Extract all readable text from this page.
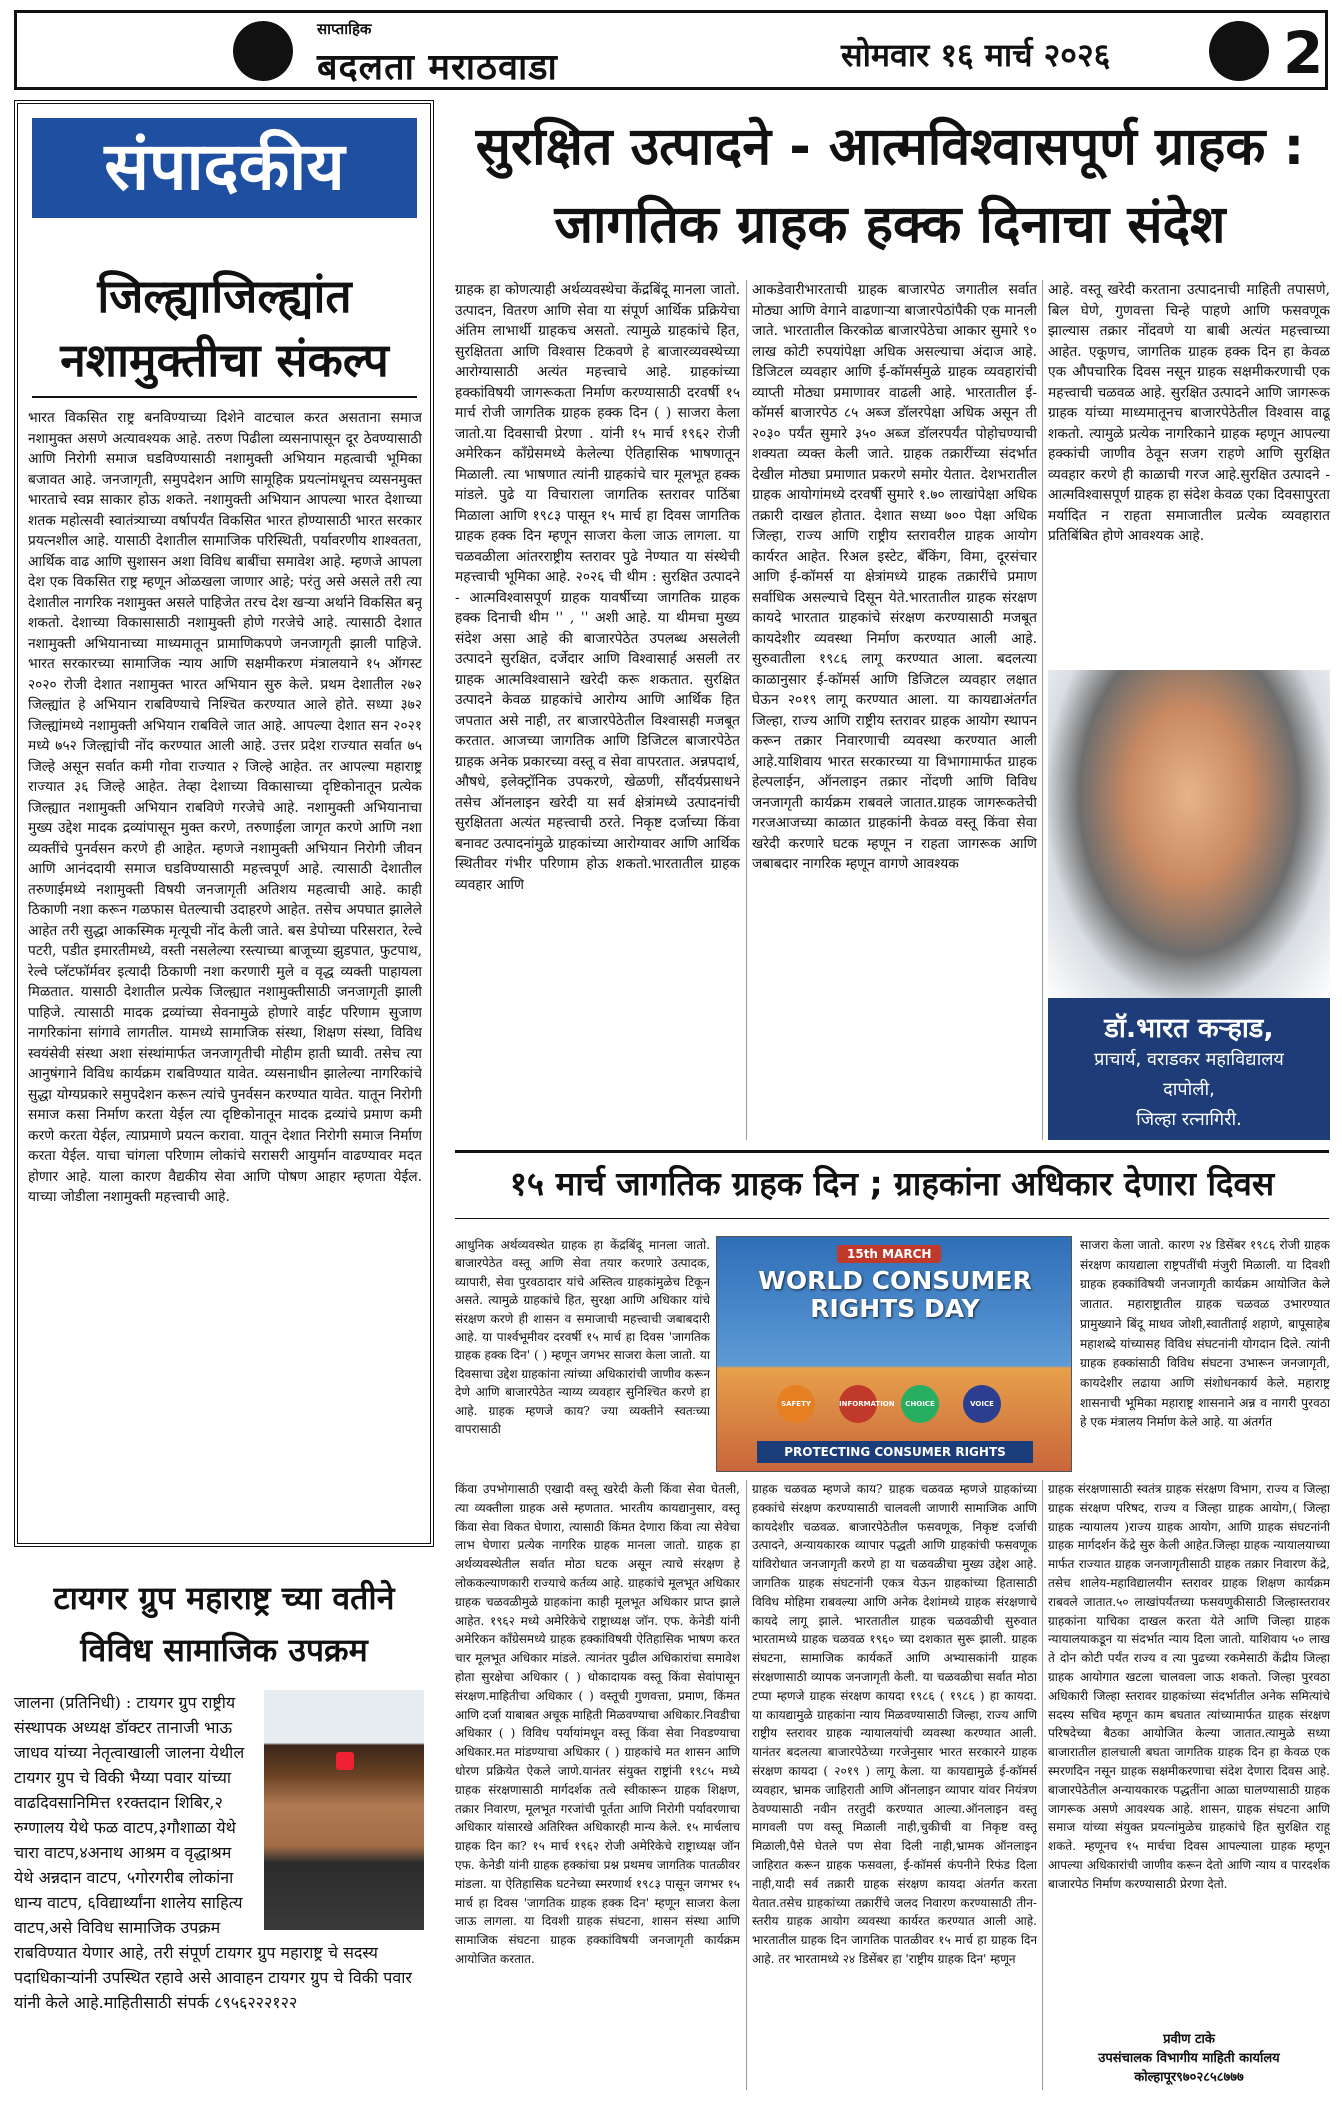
साप्ताहिक
बदलता मराठवाडा	सोमवार १६ मार्च २०२६	2
संपादकीय
जिल्ह्याजिल्ह्यांत नशामुक्तीचा संकल्प
भारत विकसित राष्ट्र बनविण्याच्या दिशेने वाटचाल करत असताना समाज नशामुक्त असणे अत्यावश्यक आहे. तरुण पिढीला व्यसनापासून दूर ठेवण्यासाठी आणि निरोगी समाज घडविण्यासाठी नशामुक्ती अभियान महत्वाची भूमिका बजावत आहे. जनजागृती, समुपदेशन आणि सामूहिक प्रयत्नांमधूनच व्यसनमुक्त भारताचे स्वप्न साकार होऊ शकते. नशामुक्ती अभियान आपल्या भारत देशाच्या शतक महोत्सवी स्वातंत्र्याच्या वर्षापर्यंत विकसित भारत होण्यासाठी भारत सरकार प्रयत्नशील आहे. यासाठी देशातील सामाजिक परिस्थिती, पर्यावरणीय शाश्वतता, आर्थिक वाढ आणि सुशासन अशा विविध बाबींचा समावेश आहे. म्हणजे आपला देश एक विकसित राष्ट्र म्हणून ओळखला जाणार आहे; परंतु असे असले तरी त्या देशातील नागरिक नशामुक्त असले पाहिजेत तरच देश खऱ्या अर्थाने विकसित बनू शकतो. देशाच्या विकासासाठी नशामुक्ती होणे गरजेचे आहे. त्यासाठी देशात नशामुक्ती अभियानाच्या माध्यमातून प्रामाणिकपणे जनजागृती झाली पाहिजे. भारत सरकारच्या सामाजिक न्याय आणि सक्षमीकरण मंत्रालयाने १५ ऑगस्ट २०२० रोजी देशात नशामुक्त भारत अभियान सुरु केले. प्रथम देशातील २७२ जिल्ह्यांत हे अभियान राबविण्याचे निश्चित करण्यात आले होते. सध्या ३७२ जिल्ह्यांमध्ये नशामुक्ती अभियान राबविले जात आहे. आपल्या देशात सन २०२१ मध्ये ७५२ जिल्ह्यांची नोंद करण्यात आली आहे. उत्तर प्रदेश राज्यात सर्वात ७५ जिल्हे असून सर्वात कमी गोवा राज्यात २ जिल्हे आहेत. तर आपल्या महाराष्ट्र राज्यात ३६ जिल्हे आहेत. तेव्हा देशाच्या विकासाच्या दृष्टिकोनातून प्रत्येक जिल्ह्यात नशामुक्ती अभियान राबविणे गरजेचे आहे. नशामुक्ती अभियानाचा मुख्य उद्देश मादक द्रव्यांपासून मुक्त करणे, तरुणाईला जागृत करणे आणि नशा व्यक्तींचे पुनर्वसन करणे ही आहेत. म्हणजे नशामुक्ती अभियान निरोगी जीवन आणि आनंददायी समाज घडविण्यासाठी महत्त्वपूर्ण आहे. त्यासाठी देशातील तरुणाईमध्ये नशामुक्ती विषयी जनजागृती अतिशय महत्वाची आहे. काही ठिकाणी नशा करून गळफास घेतल्याची उदाहरणे आहेत. तसेच अपघात झालेले आहेत तरी सुद्धा आकस्मिक मृत्यूची नोंद केली जाते. बस डेपोच्या परिसरात, रेल्वे पटरी, पडीत इमारतीमध्ये, वस्ती नसलेल्या रस्त्याच्या बाजूच्या झुडपात, फुटपाथ, रेल्वे प्लॅटफॉर्मवर इत्यादी ठिकाणी नशा करणारी मुले व वृद्ध व्यक्ती पाहायला मिळतात. यासाठी देशातील प्रत्येक जिल्ह्यात नशामुक्तीसाठी जनजागृती झाली पाहिजे. त्यासाठी मादक द्रव्यांच्या सेवनामुळे होणारे वाईट परिणाम सुजाण नागरिकांना सांगावे लागतील. यामध्ये सामाजिक संस्था, शिक्षण संस्था, विविध स्वयंसेवी संस्था अशा संस्थांमार्फत जनजागृतीची मोहीम हाती घ्यावी. तसेच त्या आनुषंगाने विविध कार्यक्रम राबविण्यात यावेत. व्यसनाधीन झालेल्या नागरिकांचे सुद्धा योग्यप्रकारे समुपदेशन करून त्यांचे पुनर्वसन करण्यात यावेत. यातून निरोगी समाज कसा निर्माण करता येईल त्या दृष्टिकोनातून मादक द्रव्यांचे प्रमाण कमी करणे करता येईल, त्याप्रमाणे प्रयत्न करावा. यातून देशात निरोगी समाज निर्माण करता येईल. याचा चांगला परिणाम लोकांचे सरासरी आयुर्मान वाढण्यावर मदत होणार आहे. याला कारण वैद्यकीय सेवा आणि पोषण आहार म्हणता येईल. याच्या जोडीला नशामुक्ती महत्त्वाची आहे.
टायगर ग्रुप महाराष्ट्र च्या वतीने विविध सामाजिक उपक्रम
जालना (प्रतिनिधी) : टायगर ग्रुप राष्ट्रीय संस्थापक अध्यक्ष डॉक्टर तानाजी भाऊ जाधव यांच्या नेतृत्वाखाली जालना येथील टायगर ग्रुप चे विकी भैय्या पवार यांच्या वाढदिवसानिमित्त १रक्तदान शिबिर,२ रुग्णालय येथे फळ वाटप,३गौशाळा येथे चारा वाटप,४अनाथ आश्रम व वृद्धाश्रम येथे अन्नदान वाटप, ५गोरगरीब लोकांना धान्य वाटप, ६विद्यार्थ्यांना शालेय साहित्य वाटप,असे विविध सामाजिक उपक्रम राबविण्यात येणार आहे, तरी संपूर्ण टायगर ग्रुप महाराष्ट्र चे सदस्य पदाधिकाऱ्यांनी उपस्थित रहावे असे आवाहन टायगर ग्रुप चे विकी पवार यांनी केले आहे.माहितीसाठी संपर्क ८९५६२२२१२२
सुरक्षित उत्पादने - आत्मविश्वासपूर्ण ग्राहक : जागतिक ग्राहक हक्क दिनाचा संदेश
ग्राहक हा कोणत्याही अर्थव्यवस्थेचा केंद्रबिंदू मानला जातो. उत्पादन, वितरण आणि सेवा या संपूर्ण आर्थिक प्रक्रियेचा अंतिम लाभार्थी ग्राहकच असतो. त्यामुळे ग्राहकांचे हित, सुरक्षितता आणि विश्वास टिकवणे हे बाजारव्यवस्थेच्या आरोग्यासाठी अत्यंत महत्त्वाचे आहे. ग्राहकांच्या हक्कांविषयी जागरूकता निर्माण करण्यासाठी दरवर्षी १५ मार्च रोजी जागतिक ग्राहक हक्क दिन ( ) साजरा केला जातो.या दिवसाची प्रेरणा . यांनी १५ मार्च १९६२ रोजी अमेरिकन काँग्रेसमध्ये केलेल्या ऐतिहासिक भाषणातून मिळाली. त्या भाषणात त्यांनी ग्राहकांचे चार मूलभूत हक्क मांडले. पुढे या विचाराला जागतिक स्तरावर पाठिंबा मिळाला आणि १९८३ पासून १५ मार्च हा दिवस जागतिक ग्राहक हक्क दिन म्हणून साजरा केला जाऊ लागला. या चळवळीला आंतरराष्ट्रीय स्तरावर पुढे नेण्यात या संस्थेची महत्त्वाची भूमिका आहे. २०२६ ची थीम : सुरक्षित उत्पादने - आत्मविश्वासपूर्ण ग्राहक यावर्षीच्या जागतिक ग्राहक हक्क दिनाची थीम '' , '' अशी आहे. या थीमचा मुख्य संदेश असा आहे की बाजारपेठेत उपलब्ध असलेली उत्पादने सुरक्षित, दर्जेदार आणि विश्वासार्ह असली तर ग्राहक आत्मविश्वासाने खरेदी करू शकतात. सुरक्षित उत्पादने केवळ ग्राहकांचे आरोग्य आणि आर्थिक हित जपतात असे नाही, तर बाजारपेठेतील विश्वासही मजबूत करतात. आजच्या जागतिक आणि डिजिटल बाजारपेठेत ग्राहक अनेक प्रकारच्या वस्तू व सेवा वापरतात. अन्नपदार्थ, औषधे, इलेक्ट्रॉनिक उपकरणे, खेळणी, सौंदर्यप्रसाधने तसेच ऑनलाइन खरेदी या सर्व क्षेत्रांमध्ये उत्पादनांची सुरक्षितता अत्यंत महत्त्वाची ठरते. निकृष्ट दर्जाच्या किंवा बनावट उत्पादनांमुळे ग्राहकांच्या आरोग्यावर आणि आर्थिक स्थितीवर गंभीर परिणाम होऊ शकतो.भारतातील ग्राहक व्यवहार आणि
आकडेवारीभारताची ग्राहक बाजारपेठ जगातील सर्वात मोठ्या आणि वेगाने वाढणाऱ्या बाजारपेठांपैकी एक मानली जाते. भारतातील किरकोळ बाजारपेठेचा आकार सुमारे ९० लाख कोटी रुपयांपेक्षा अधिक असल्याचा अंदाज आहे. डिजिटल व्यवहार आणि ई-कॉमर्समुळे ग्राहक व्यवहारांची व्याप्ती मोठ्या प्रमाणावर वाढली आहे. भारतातील ई-कॉमर्स बाजारपेठ ८५ अब्ज डॉलरपेक्षा अधिक असून ती २०३० पर्यंत सुमारे ३५० अब्ज डॉलरपर्यंत पोहोचण्याची शक्यता व्यक्त केली जाते. ग्राहक तक्रारींच्या संदर्भात देखील मोठ्या प्रमाणात प्रकरणे समोर येतात. देशभरातील ग्राहक आयोगांमध्ये दरवर्षी सुमारे १.७० लाखांपेक्षा अधिक तक्रारी दाखल होतात. देशात सध्या ७०० पेक्षा अधिक जिल्हा, राज्य आणि राष्ट्रीय स्तरावरील ग्राहक आयोग कार्यरत आहेत. रिअल इस्टेट, बँकिंग, विमा, दूरसंचार आणि ई-कॉमर्स या क्षेत्रांमध्ये ग्राहक तक्रारींचे प्रमाण सर्वाधिक असल्याचे दिसून येते.भारतातील ग्राहक संरक्षण कायदे भारतात ग्राहकांचे संरक्षण करण्यासाठी मजबूत कायदेशीर व्यवस्था निर्माण करण्यात आली आहे. सुरुवातीला १९८६ लागू करण्यात आला. बदलत्या काळानुसार ई-कॉमर्स आणि डिजिटल व्यवहार लक्षात घेऊन २०१९ लागू करण्यात आला. या कायद्याअंतर्गत जिल्हा, राज्य आणि राष्ट्रीय स्तरावर ग्राहक आयोग स्थापन करून तक्रार निवारणाची व्यवस्था करण्यात आली आहे.याशिवाय भारत सरकारच्या या विभागामार्फत ग्राहक हेल्पलाईन, ऑनलाइन तक्रार नोंदणी आणि विविध जनजागृती कार्यक्रम राबवले जातात.ग्राहक जागरूकतेची गरजआजच्या काळात ग्राहकांनी केवळ वस्तू किंवा सेवा खरेदी करणारे घटक म्हणून न राहता जागरूक आणि जबाबदार नागरिक म्हणून वागणे आवश्यक
आहे. वस्तू खरेदी करताना उत्पादनाची माहिती तपासणे, बिल घेणे, गुणवत्ता चिन्हे पाहणे आणि फसवणूक झाल्यास तक्रार नोंदवणे या बाबी अत्यंत महत्त्वाच्या आहेत. एकूणच, जागतिक ग्राहक हक्क दिन हा केवळ एक औपचारिक दिवस नसून ग्राहक सक्षमीकरणाची एक महत्त्वाची चळवळ आहे. सुरक्षित उत्पादने आणि जागरूक ग्राहक यांच्या माध्यमातूनच बाजारपेठेतील विश्वास वाढू शकतो. त्यामुळे प्रत्येक नागरिकाने ग्राहक म्हणून आपल्या हक्कांची जाणीव ठेवून सजग राहणे आणि सुरक्षित व्यवहार करणे ही काळाची गरज आहे.सुरक्षित उत्पादने - आत्मविश्वासपूर्ण ग्राहक हा संदेश केवळ एका दिवसापुरता मर्यादित न राहता समाजातील प्रत्येक व्यवहारात प्रतिबिंबित होणे आवश्यक आहे.
डॉ.भारत कऱ्हाड,
प्राचार्य, वराडकर महाविद्यालय
दापोली,
जिल्हा रत्नागिरी.
१५ मार्च जागतिक ग्राहक दिन ; ग्राहकांना अधिकार देणारा दिवस
आधुनिक अर्थव्यवस्थेत ग्राहक हा केंद्रबिंदू मानला जातो. बाजारपेठेत वस्तू आणि सेवा तयार करणारे उत्पादक, व्यापारी, सेवा पुरवठादार यांचे अस्तित्व ग्राहकांमुळेच टिकून असते. त्यामुळे ग्राहकांचे हित, सुरक्षा आणि अधिकार यांचे संरक्षण करणे ही शासन व समाजाची महत्त्वाची जबाबदारी आहे. या पार्श्वभूमीवर दरवर्षी १५ मार्च हा दिवस 'जागतिक ग्राहक हक्क दिन' ( ) म्हणून जगभर साजरा केला जातो. या दिवसाचा उद्देश ग्राहकांना त्यांच्या अधिकारांची जाणीव करून देणे आणि बाजारपेठेत न्याय्य व्यवहार सुनिश्चित करणे हा आहे. ग्राहक म्हणजे काय? ज्या व्यक्तीने स्वतःच्या वापरासाठी
15th MARCH
WORLD CONSUMER RIGHTS DAY
SAFETY	INFORMATION	CHOICE	VOICE
PROTECTING CONSUMER RIGHTS
साजरा केला जातो. कारण २४ डिसेंबर १९८६ रोजी ग्राहक संरक्षण कायद्याला राष्ट्रपतींची मंजुरी मिळाली. या दिवशी ग्राहक हक्कांविषयी जनजागृती कार्यक्रम आयोजित केले जातात. महाराष्ट्रातील ग्राहक चळवळ उभारण्यात प्रामुख्याने बिंदू माधव जोशी,स्वातीताई शहाणे, बापूसाहेब महाशब्दे यांच्यासह विविध संघटनांनी योगदान दिले. त्यांनी ग्राहक हक्कांसाठी विविध संघटना उभारून जनजागृती, कायदेशीर लढाया आणि संशोधनकार्य केले. महाराष्ट्र शासनाची भूमिका महाराष्ट्र शासनाने अन्न व नागरी पुरवठा हे एक मंत्रालय निर्माण केले आहे. या अंतर्गत
किंवा उपभोगासाठी एखादी वस्तू खरेदी केली किंवा सेवा घेतली, त्या व्यक्तीला ग्राहक असे म्हणतात. भारतीय कायद्यानुसार, वस्तू किंवा सेवा विकत घेणारा, त्यासाठी किंमत देणारा किंवा त्या सेवेचा लाभ घेणारा प्रत्येक नागरिक ग्राहक मानला जातो. ग्राहक हा अर्थव्यवस्थेतील सर्वात मोठा घटक असून त्याचे संरक्षण हे लोककल्याणकारी राज्याचे कर्तव्य आहे. ग्राहकांचे मूलभूत अधिकार ग्राहक चळवळीमुळे ग्राहकांना काही मूलभूत अधिकार प्राप्त झाले आहेत. १९६२ मध्ये अमेरिकेचे राष्ट्राध्यक्ष जॉन. एफ. केनेडी यांनी अमेरिकन काँग्रेसमध्ये ग्राहक हक्कांविषयी ऐतिहासिक भाषण करत चार मूलभूत अधिकार मांडले. त्यानंतर पुढील अधिकारांचा समावेश होता सुरक्षेचा अधिकार ( ) धोकादायक वस्तू किंवा सेवांपासून संरक्षण.माहितीचा अधिकार ( ) वस्तूची गुणवत्ता, प्रमाण, किंमत आणि दर्जा याबाबत अचूक माहिती मिळवण्याचा अधिकार.निवडीचा अधिकार ( ) विविध पर्यायांमधून वस्तू किंवा सेवा निवडण्याचा अधिकार.मत मांडण्याचा अधिकार ( ) ग्राहकांचे मत शासन आणि धोरण प्रक्रियेत ऐकले जाणे.यानंतर संयुक्त राष्ट्रांनी १९८५ मध्ये ग्राहक संरक्षणासाठी मार्गदर्शक तत्वे स्वीकारून ग्राहक शिक्षण, तक्रार निवारण, मूलभूत गरजांची पूर्तता आणि निरोगी पर्यावरणाचा अधिकार यांसारखे अतिरिक्त अधिकारही मान्य केले. १५ मार्चलाच ग्राहक दिन का? १५ मार्च १९६२ रोजी अमेरिकेचे राष्ट्राध्यक्ष जॉन एफ. केनेडी यांनी ग्राहक हक्कांचा प्रश्न प्रथमच जागतिक पातळीवर मांडला. या ऐतिहासिक घटनेच्या स्मरणार्थ १९८३ पासून जगभर १५ मार्च हा दिवस 'जागतिक ग्राहक हक्क दिन' म्हणून साजरा केला जाऊ लागला. या दिवशी ग्राहक संघटना, शासन संस्था आणि सामाजिक संघटना ग्राहक हक्कांविषयी जनजागृती कार्यक्रम आयोजित करतात.
ग्राहक चळवळ म्हणजे काय? ग्राहक चळवळ म्हणजे ग्राहकांच्या हक्कांचे संरक्षण करण्यासाठी चालवली जाणारी सामाजिक आणि कायदेशीर चळवळ. बाजारपेठेतील फसवणूक, निकृष्ट दर्जाची उत्पादने, अन्यायकारक व्यापार पद्धती आणि ग्राहकांची फसवणूक यांविरोधात जनजागृती करणे हा या चळवळीचा मुख्य उद्देश आहे. जागतिक ग्राहक संघटनांनी एकत्र येऊन ग्राहकांच्या हितासाठी विविध मोहिमा राबवल्या आणि अनेक देशांमध्ये ग्राहक संरक्षणाचे कायदे लागू झाले. भारतातील ग्राहक चळवळीची सुरुवात भारतामध्ये ग्राहक चळवळ १९६० च्या दशकात सुरू झाली. ग्राहक संघटना, सामाजिक कार्यकर्ते आणि अभ्यासकांनी ग्राहक संरक्षणासाठी व्यापक जनजागृती केली. या चळवळीचा सर्वात मोठा टप्पा म्हणजे ग्राहक संरक्षण कायदा १९८६ ( १९८६ ) हा कायदा. या कायद्यामुळे ग्राहकांना न्याय मिळवण्यासाठी जिल्हा, राज्य आणि राष्ट्रीय स्तरावर ग्राहक न्यायालयांची व्यवस्था करण्यात आली. यानंतर बदलत्या बाजारपेठेच्या गरजेनुसार भारत सरकारने ग्राहक संरक्षण कायदा ( २०१९ ) लागू केला. या कायद्यामुळे ई-कॉमर्स व्यवहार, भ्रामक जाहिराती आणि ऑनलाइन व्यापार यांवर नियंत्रण ठेवण्यासाठी नवीन तरतुदी करण्यात आल्या.ऑनलाइन वस्तू मागवली पण वस्तू मिळाली नाही,चुकीची वा निकृष्ट वस्तू मिळाली,पैसे घेतले पण सेवा दिली नाही,भ्रामक ऑनलाइन जाहिरात करून ग्राहक फसवला, ई-कॉमर्स कंपनीने रिफंड दिला नाही,यादी सर्व तक्रारी ग्राहक संरक्षण कायदा अंतर्गत करता येतात.तसेच ग्राहकांच्या तक्रारींचे जलद निवारण करण्यासाठी तीन-स्तरीय ग्राहक आयोग व्यवस्था कार्यरत करण्यात आली आहे. भारतातील ग्राहक दिन जागतिक पातळीवर १५ मार्च हा ग्राहक दिन आहे. तर भारतामध्ये २४ डिसेंबर हा 'राष्ट्रीय ग्राहक दिन' म्हणून
ग्राहक संरक्षणासाठी स्वतंत्र ग्राहक संरक्षण विभाग, राज्य व जिल्हा ग्राहक संरक्षण परिषद, राज्य व जिल्हा ग्राहक आयोग,( जिल्हा ग्राहक न्यायालय )राज्य ग्राहक आयोग, आणि ग्राहक संघटनांनी ग्राहक मार्गदर्शन केंद्रे सुरु केली आहेत.जिल्हा ग्राहक न्यायालयाच्या मार्फत राज्यात ग्राहक जनजागृतीसाठी ग्राहक तक्रार निवारण केंद्रे, तसेच शालेय-महाविद्यालयीन स्तरावर ग्राहक शिक्षण कार्यक्रम राबवले जातात.५० लाखांपर्यंतच्या फसवणुकीसाठी जिल्हास्तरावर ग्राहकांना याचिका दाखल करता येते आणि जिल्हा ग्राहक न्यायालयाकडून या संदर्भात न्याय दिला जातो. याशिवाय ५० लाख ते दोन कोटी पर्यंत राज्य व त्या पुढच्या रकमेसाठी केंद्रीय जिल्हा ग्राहक आयोगात खटला चालवला जाऊ शकतो. जिल्हा पुरवठा अधिकारी जिल्हा स्तरावर ग्राहकांच्या संदर्भातील अनेक समित्यांचे सदस्य सचिव म्हणून काम बघतात त्यांच्यामार्फत ग्राहक संरक्षण परिषदेच्या बैठका आयोजित केल्या जातात.त्यामुळे सध्या बाजारातील हालचाली बघता जागतिक ग्राहक दिन हा केवळ एक स्मरणदिन नसून ग्राहक सक्षमीकरणाचा संदेश देणारा दिवस आहे. बाजारपेठेतील अन्यायकारक पद्धतींना आळा घालण्यासाठी ग्राहक जागरूक असणे आवश्यक आहे. शासन, ग्राहक संघटना आणि समाज यांच्या संयुक्त प्रयत्नांमुळेच ग्राहकांचे हित सुरक्षित राहू शकते. म्हणूनच १५ मार्चचा दिवस आपल्याला ग्राहक म्हणून आपल्या अधिकारांची जाणीव करून देतो आणि न्याय व पारदर्शक बाजारपेठ निर्माण करण्यासाठी प्रेरणा देतो.
प्रवीण टाके
उपसंचालक विभागीय माहिती कार्यालय
कोल्हापूर९७०२८५८७७७
